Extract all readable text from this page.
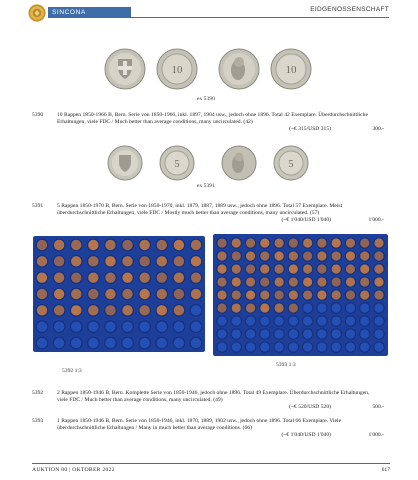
SINCONA	EIDGENOSSENSCHAFT
10	10
ex 5390
5390 10 Rappen 1850-1966 B, Bern. Serie von 1850-1966, inkl. 1897, 1904 usw., jedoch ohne 1896. Total 42 Exemplare. Überdurchschnittliche Erhaltungen, viele FDC / Much better than average conditions, many uncirculated. (42)
(~€ 315/USD 315)	300.-
5	5
ex 5391
5391 5 Rappen 1850-1970 B, Bern. Serie von 1850-1970, inkl. 1879, 1887, 1889 usw., jedoch ohne 1896. Total 57 Exemplare. Meist überdurchschnittliche Erhaltungen, viele FDC / Mostly much better than average conditions, many uncirculated. (57)
(~€ 1'040/USD 1'040)	1'000.-
5392 1:3
5393 1:3
5392 2 Rappen 1850-1946 B, Bern. Komplette Serie von 1850-1946, jedoch ohne 1896. Total 49 Exemplare. Überdurchschnittliche Erhaltungen, viele FDC / Much better than average conditions, many uncirculated. (49)
(~€ 520/USD 520)	500.-
5393 1 Rappen 1850-1946 B, Bern. Serie von 1850-1946, inkl. 1870, 1889, 1902 usw., jedoch ohne 1896. Total 66 Exemplare. Viele überdurchschnittliche Erhaltungen / Many in much better than average conditions. (66)
(~€ 1'040/USD 1'040)	1'000.-
AUKTION 80 | OKTOBER 2022	617
